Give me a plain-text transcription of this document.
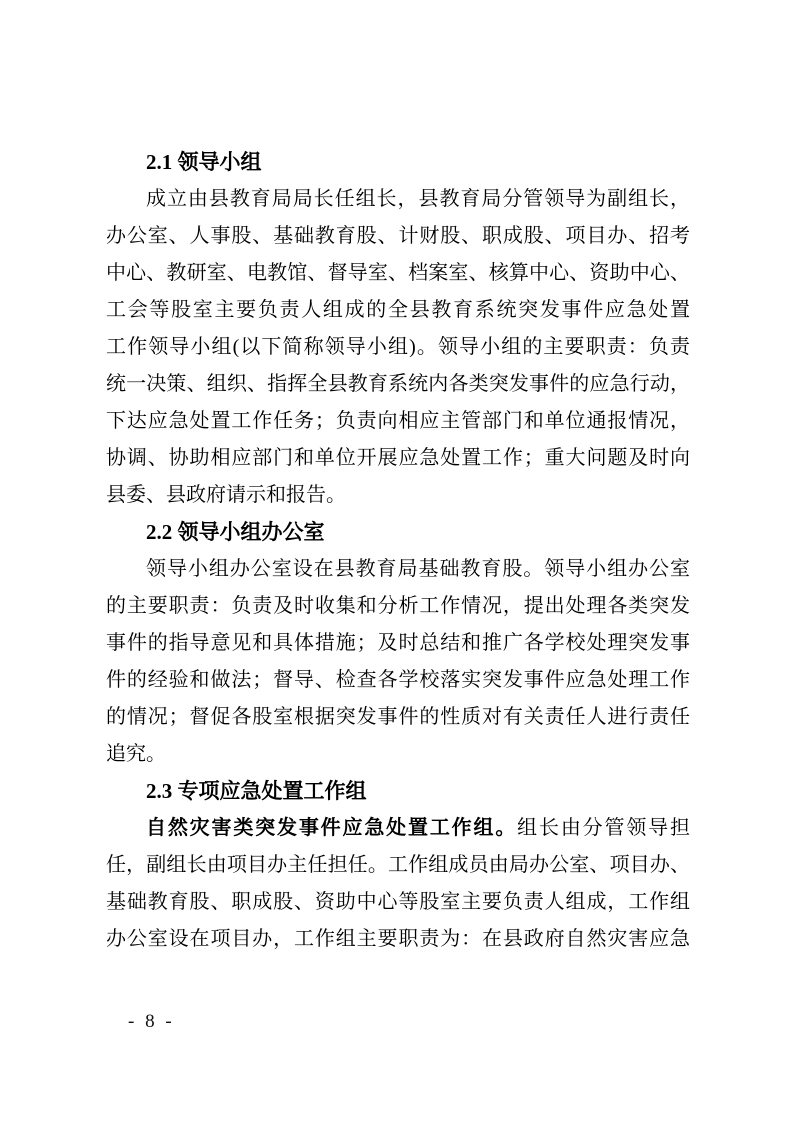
2.1 领导小组
成立由县教育局局长任组长，县教育局分管领导为副组长，
办公室、人事股、基础教育股、计财股、职成股、项目办、招考
中心、教研室、电教馆、督导室、档案室、核算中心、资助中心、
工会等股室主要负责人组成的全县教育系统突发事件应急处置
工作领导小组(以下简称领导小组)。领导小组的主要职责：负责
统一决策、组织、指挥全县教育系统内各类突发事件的应急行动，
下达应急处置工作任务；负责向相应主管部门和单位通报情况，
协调、协助相应部门和单位开展应急处置工作；重大问题及时向
县委、县政府请示和报告。
2.2 领导小组办公室
领导小组办公室设在县教育局基础教育股。领导小组办公室
的主要职责：负责及时收集和分析工作情况，提出处理各类突发
事件的指导意见和具体措施；及时总结和推广各学校处理突发事
件的经验和做法；督导、检查各学校落实突发事件应急处理工作
的情况；督促各股室根据突发事件的性质对有关责任人进行责任
追究。
2.3 专项应急处置工作组
自然灾害类突发事件应急处置工作组。组长由分管领导担
任，副组长由项目办主任担任。工作组成员由局办公室、项目办、
基础教育股、职成股、资助中心等股室主要负责人组成，工作组
办公室设在项目办，工作组主要职责为：在县政府自然灾害应急
- 8 -
